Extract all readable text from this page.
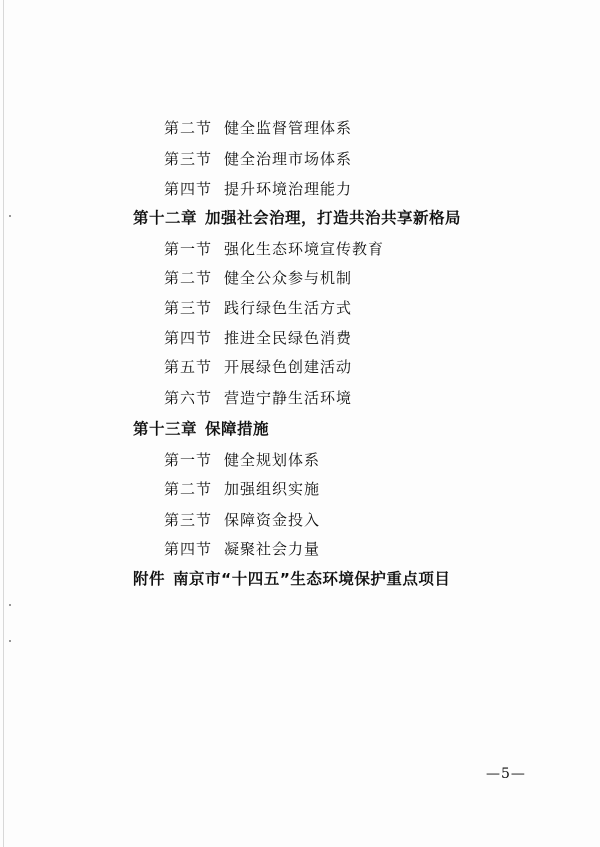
第二节 健全监督管理体系
第三节 健全治理市场体系
第四节 提升环境治理能力
第十二章 加强社会治理，打造共治共享新格局
第一节 强化生态环境宣传教育
第二节 健全公众参与机制
第三节 践行绿色生活方式
第四节 推进全民绿色消费
第五节 开展绿色创建活动
第六节 营造宁静生活环境
第十三章 保障措施
第一节 健全规划体系
第二节 加强组织实施
第三节 保障资金投入
第四节 凝聚社会力量
附件 南京市“十四五”生态环境保护重点项目
—5—
